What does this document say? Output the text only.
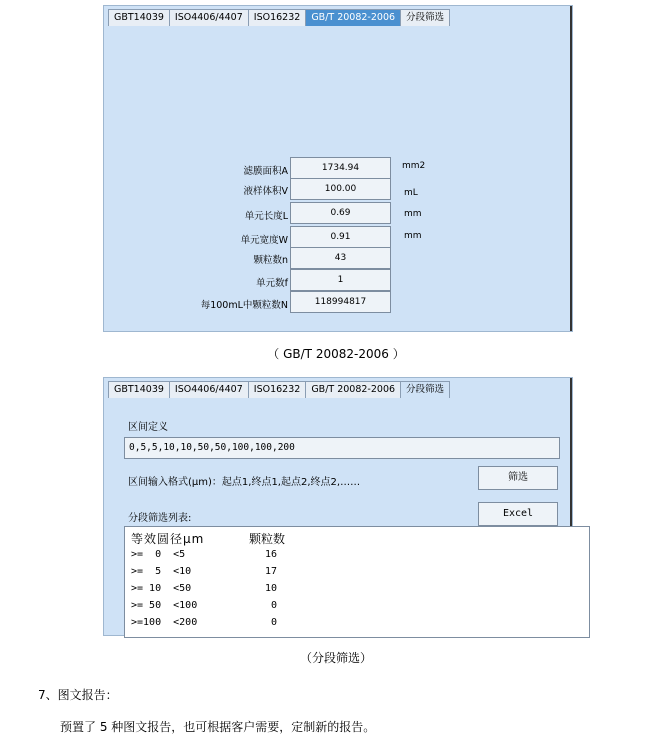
GBT14039	ISO4406/4407	ISO16232	GB/T 20082-2006	分段筛选
滤膜面积A	1734.94	mm2
液样体积V	100.00	mL
单元长度L	0.69	mm
单元宽度W	0.91	mm
颗粒数n	43
单元数f	1
每100mL中颗粒数N	118994817
（ GB/T 20082-2006 ）
GBT14039	ISO4406/4407	ISO16232	GB/T 20082-2006	分段筛选
区间定义
0,5,5,10,10,50,50,100,100,200
区间输入格式(μm)：起点1,终点1,起点2,终点2,……	筛选
分段筛选列表:	Excel
等效圆径μm	颗粒数
>=  0  <5	16
>=  5  <10	17
>= 10  <50	10
>= 50  <100	0
>=100  <200	0
（分段筛选）
7、图文报告：
预置了 5 种图文报告，也可根据客户需要，定制新的报告。
